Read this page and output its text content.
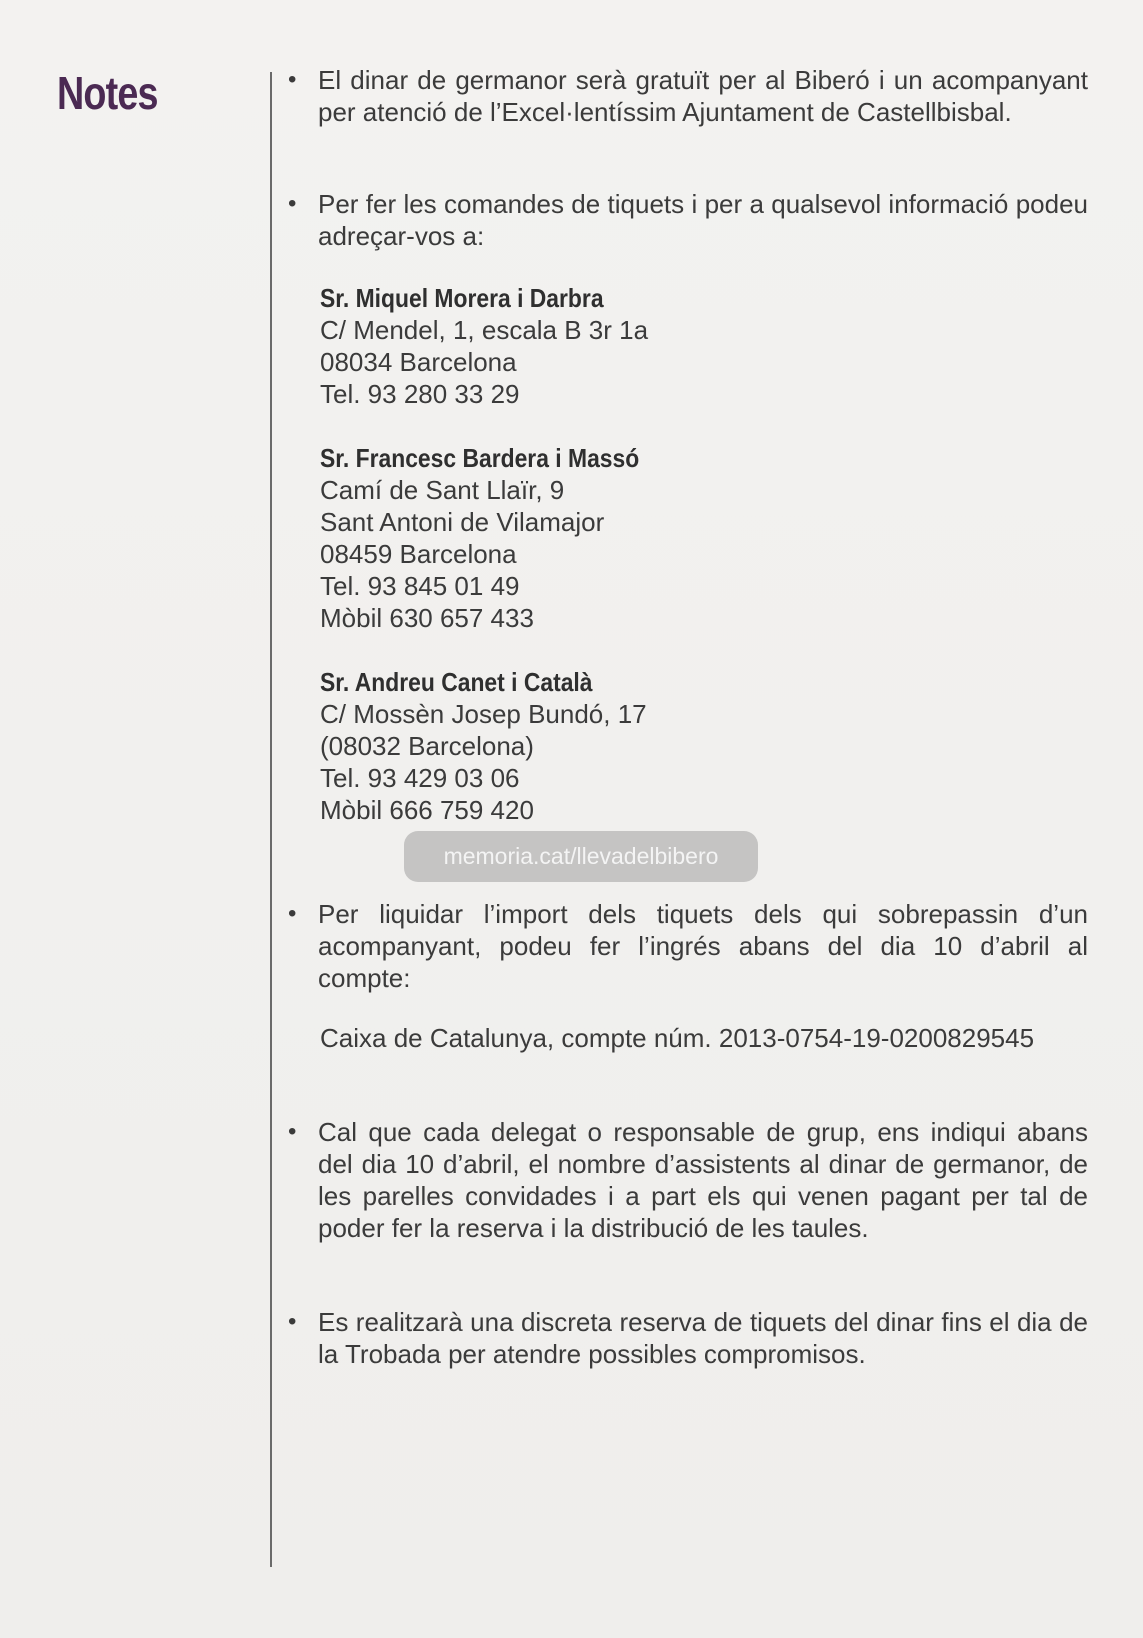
Notes	• El dinar de germanor serà gratuït per al Biberó i un acompanyant per atenció de l’Excel·lentíssim Ajuntament de Castellbisbal.
• Per fer les comandes de tiquets i per a qualsevol informació podeu adreçar-vos a:
Sr. Miquel Morera i Darbra
C/ Mendel, 1, escala B 3r 1a
08034 Barcelona
Tel. 93 280 33 29
Sr. Francesc Bardera i Massó
Camí de Sant Llaïr, 9
Sant Antoni de Vilamajor
08459 Barcelona
Tel. 93 845 01 49
Mòbil 630 657 433
Sr. Andreu Canet i Català
C/ Mossèn Josep Bundó, 17
(08032 Barcelona)
Tel. 93 429 03 06
Mòbil 666 759 420
• Per liquidar l’import dels tiquets dels qui sobrepassin d’un acompanyant, podeu fer l’ingrés abans del dia 10 d’abril al compte:
Caixa de Catalunya, compte núm. 2013-0754-19-0200829545
• Cal que cada delegat o responsable de grup, ens indiqui abans del dia 10 d’abril, el nombre d’assistents al dinar de germanor, de les parelles convidades i a part els qui venen pagant per tal de poder fer la reserva i la distribució de les taules.
• Es realitzarà una discreta reserva de tiquets del dinar fins el dia de la Trobada per atendre possibles compromisos.
memoria.cat/llevadelbibero
